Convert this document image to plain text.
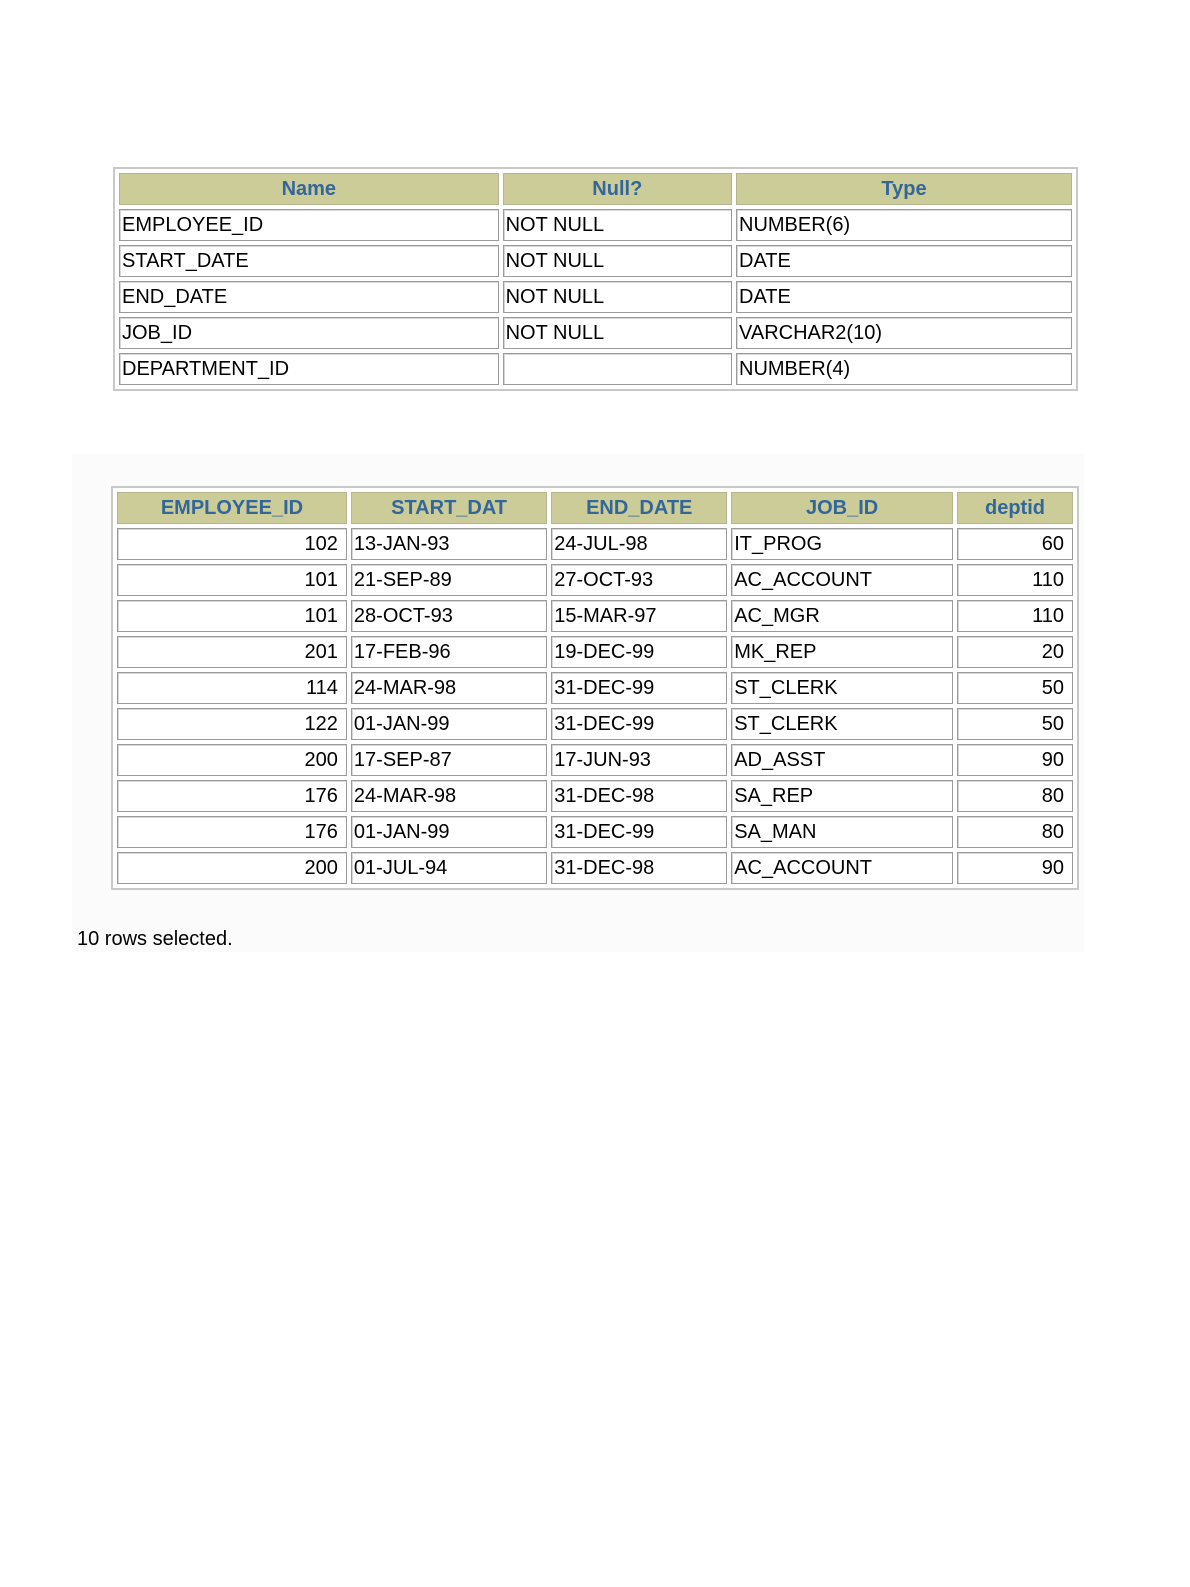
Name	Null?	Type
EMPLOYEE_ID	NOT NULL	NUMBER(6)
START_DATE	NOT NULL	DATE
END_DATE	NOT NULL	DATE
JOB_ID	NOT NULL	VARCHAR2(10)
DEPARTMENT_ID		NUMBER(4)
EMPLOYEE_ID	START_DAT	END_DATE	JOB_ID	deptid
102	13-JAN-93	24-JUL-98	IT_PROG	60
101	21-SEP-89	27-OCT-93	AC_ACCOUNT	110
101	28-OCT-93	15-MAR-97	AC_MGR	110
201	17-FEB-96	19-DEC-99	MK_REP	20
114	24-MAR-98	31-DEC-99	ST_CLERK	50
122	01-JAN-99	31-DEC-99	ST_CLERK	50
200	17-SEP-87	17-JUN-93	AD_ASST	90
176	24-MAR-98	31-DEC-98	SA_REP	80
176	01-JAN-99	31-DEC-99	SA_MAN	80
200	01-JUL-94	31-DEC-98	AC_ACCOUNT	90
10 rows selected.
